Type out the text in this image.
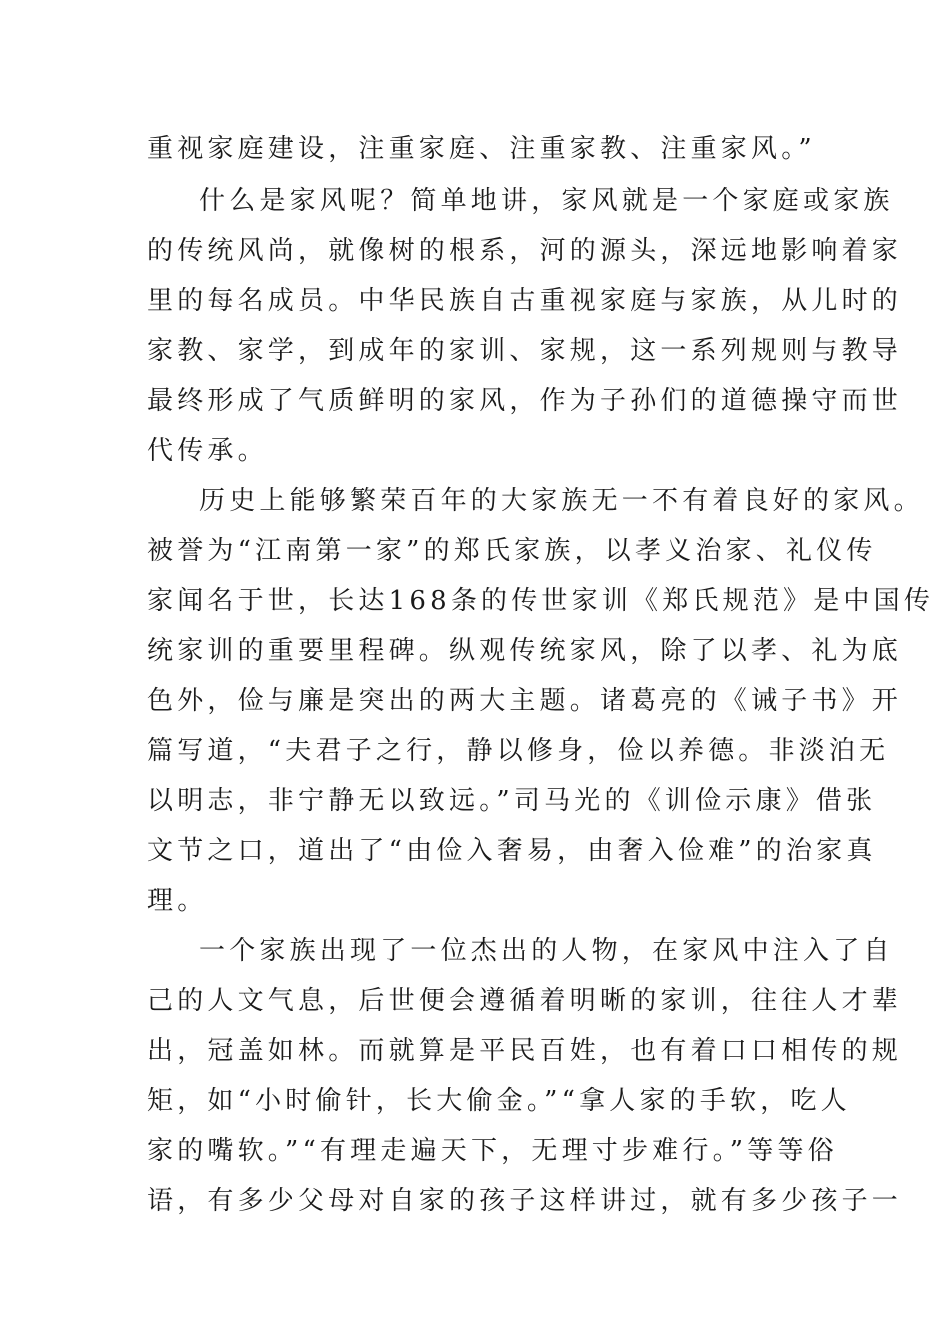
重视家庭建设，注重家庭、注重家教、注重家风。”
什么是家风呢？简单地讲，家风就是一个家庭或家族
的传统风尚，就像树的根系，河的源头，深远地影响着家
里的每名成员。中华民族自古重视家庭与家族，从儿时的
家教、家学，到成年的家训、家规，这一系列规则与教导
最终形成了气质鲜明的家风，作为子孙们的道德操守而世
代传承。
历史上能够繁荣百年的大家族无一不有着良好的家风。
被誉为“江南第一家”的郑氏家族，以孝义治家、礼仪传
家闻名于世，长达168条的传世家训《郑氏规范》是中国传
统家训的重要里程碑。纵观传统家风，除了以孝、礼为底
色外，俭与廉是突出的两大主题。诸葛亮的《诫子书》开
篇写道，“夫君子之行，静以修身，俭以养德。非淡泊无
以明志，非宁静无以致远。”司马光的《训俭示康》借张
文节之口，道出了“由俭入奢易，由奢入俭难”的治家真
理。
一个家族出现了一位杰出的人物，在家风中注入了自
己的人文气息，后世便会遵循着明晰的家训，往往人才辈
出，冠盖如林。而就算是平民百姓，也有着口口相传的规
矩，如“小时偷针，长大偷金。”“拿人家的手软，吃人
家的嘴软。”“有理走遍天下，无理寸步难行。”等等俗
语，有多少父母对自家的孩子这样讲过，就有多少孩子一
